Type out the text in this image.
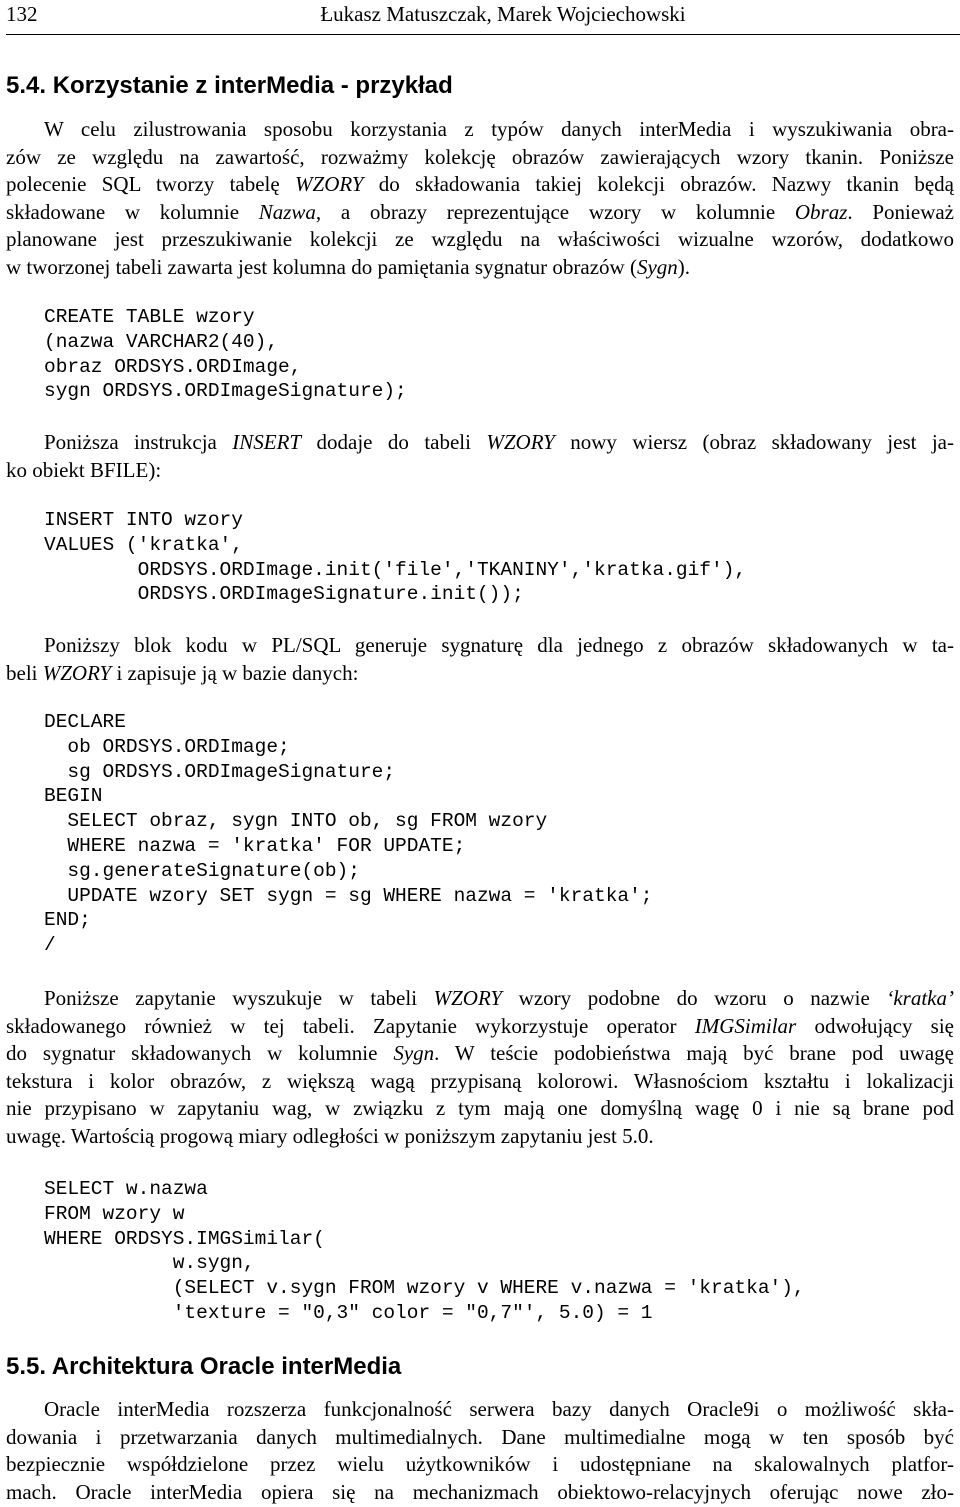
132	Łukasz Matuszczak, Marek Wojciechowski
5.4. Korzystanie z interMedia - przykład
W celu zilustrowania sposobu korzystania z typów danych interMedia i wyszukiwania obra-
zów ze względu na zawartość, rozważmy kolekcję obrazów zawierających wzory tkanin. Poniższe
polecenie SQL tworzy tabelę WZORY do składowania takiej kolekcji obrazów. Nazwy tkanin będą
składowane w kolumnie Nazwa, a obrazy reprezentujące wzory w kolumnie Obraz. Ponieważ
planowane jest przeszukiwanie kolekcji ze względu na właściwości wizualne wzorów, dodatkowo
w tworzonej tabeli zawarta jest kolumna do pamiętania sygnatur obrazów (Sygn).
CREATE TABLE wzory
(nazwa VARCHAR2(40),
obraz ORDSYS.ORDImage,
sygn ORDSYS.ORDImageSignature);
Poniższa instrukcja INSERT dodaje do tabeli WZORY nowy wiersz (obraz składowany jest ja-
ko obiekt BFILE):
INSERT INTO wzory
VALUES ('kratka',
ORDSYS.ORDImage.init('file','TKANINY','kratka.gif'),
ORDSYS.ORDImageSignature.init());
Poniższy blok kodu w PL/SQL generuje sygnaturę dla jednego z obrazów składowanych w ta-
beli WZORY i zapisuje ją w bazie danych:
DECLARE
ob ORDSYS.ORDImage;
sg ORDSYS.ORDImageSignature;
BEGIN
SELECT obraz, sygn INTO ob, sg FROM wzory
WHERE nazwa = 'kratka' FOR UPDATE;
sg.generateSignature(ob);
UPDATE wzory SET sygn = sg WHERE nazwa = 'kratka';
END;
/
Poniższe zapytanie wyszukuje w tabeli WZORY wzory podobne do wzoru o nazwie ‘kratka’
składowanego również w tej tabeli. Zapytanie wykorzystuje operator IMGSimilar odwołujący się
do sygnatur składowanych w kolumnie Sygn. W teście podobieństwa mają być brane pod uwagę
tekstura i kolor obrazów, z większą wagą przypisaną kolorowi. Własnościom kształtu i lokalizacji
nie przypisano w zapytaniu wag, w związku z tym mają one domyślną wagę 0 i nie są brane pod
uwagę. Wartością progową miary odległości w poniższym zapytaniu jest 5.0.
SELECT w.nazwa
FROM wzory w
WHERE ORDSYS.IMGSimilar(
w.sygn,
(SELECT v.sygn FROM wzory v WHERE v.nazwa = 'kratka'),
'texture = "0,3" color = "0,7"', 5.0) = 1
5.5. Architektura Oracle interMedia
Oracle interMedia rozszerza funkcjonalność serwera bazy danych Oracle9i o możliwość skła-
dowania i przetwarzania danych multimedialnych. Dane multimedialne mogą w ten sposób być
bezpiecznie współdzielone przez wielu użytkowników i udostępniane na skalowalnych platfor-
mach. Oracle interMedia opiera się na mechanizmach obiektowo-relacyjnych oferując nowe zło-
